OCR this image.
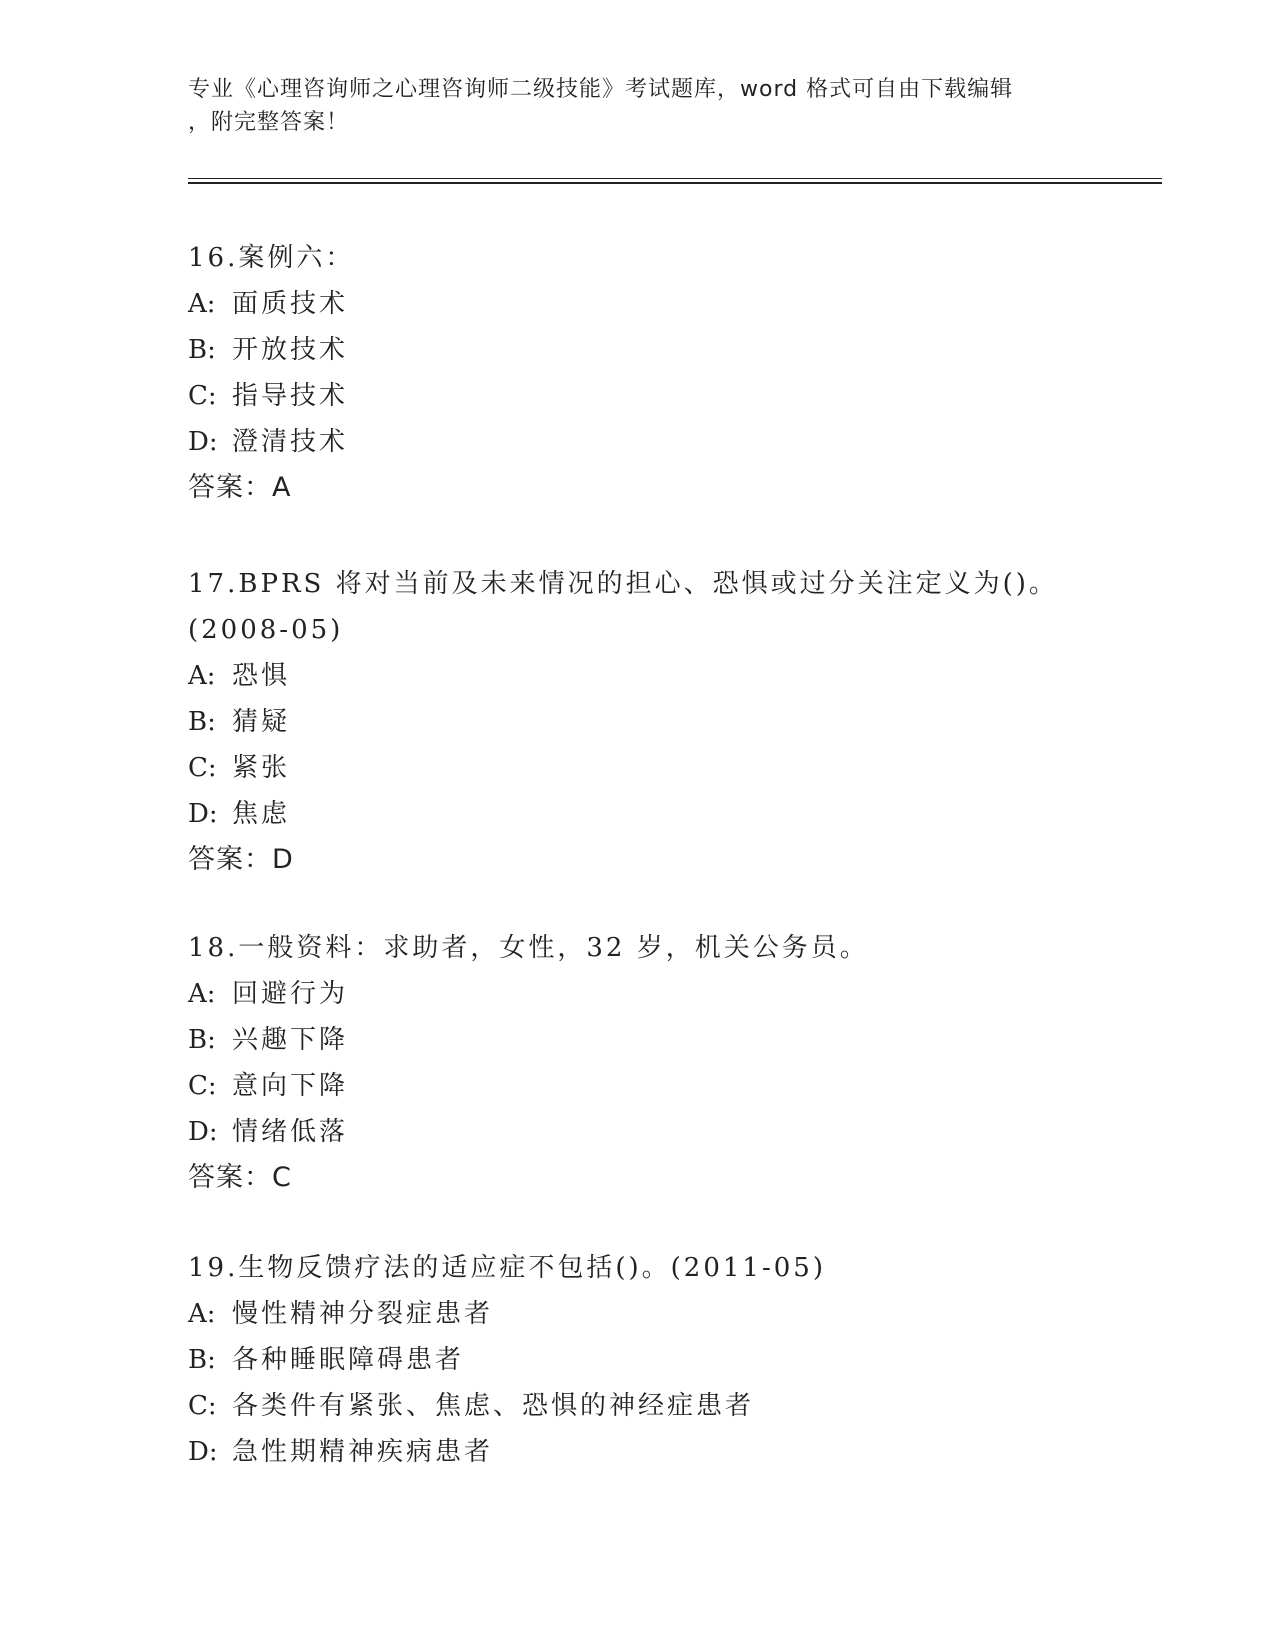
专业《心理咨询师之心理咨询师二级技能》考试题库，word 格式可自由下载编辑
，附完整答案！
16.案例六：
A: 面质技术
B: 开放技术
C: 指导技术
D: 澄清技术
答案：A
17.BPRS 将对当前及未来情况的担心、恐惧或过分关注定义为()。
(2008-05)
A: 恐惧
B: 猜疑
C: 紧张
D: 焦虑
答案：D
18.一般资料：求助者，女性，32 岁，机关公务员。
A: 回避行为
B: 兴趣下降
C: 意向下降
D: 情绪低落
答案：C
19.生物反馈疗法的适应症不包括()。(2011-05)
A: 慢性精神分裂症患者
B: 各种睡眠障碍患者
C: 各类件有紧张、焦虑、恐惧的神经症患者
D: 急性期精神疾病患者
